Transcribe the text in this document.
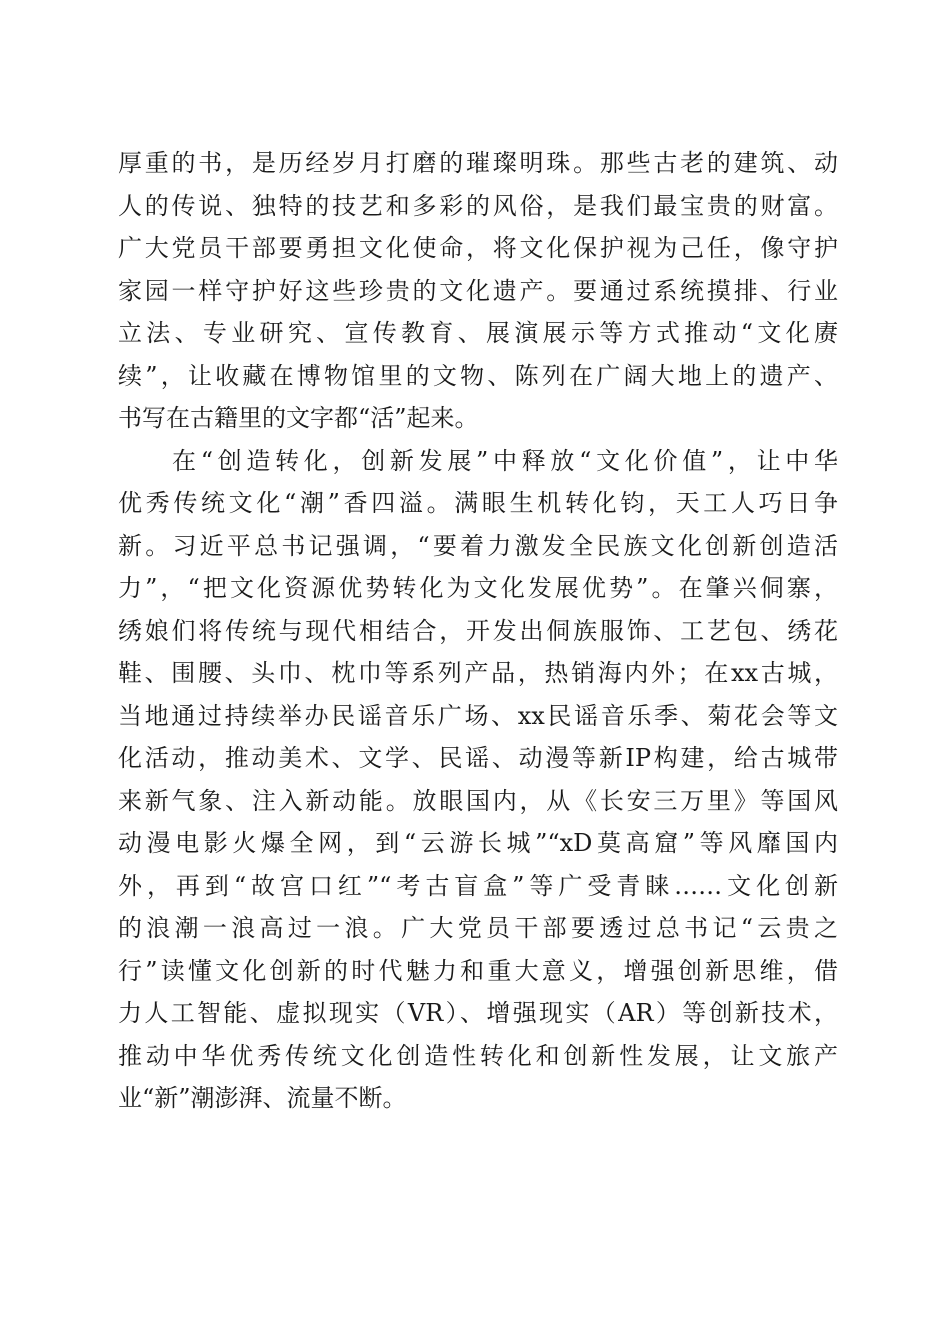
厚重的书，是历经岁月打磨的璀璨明珠。那些古老的建筑、动
人的传说、独特的技艺和多彩的风俗，是我们最宝贵的财富。
广大党员干部要勇担文化使命，将文化保护视为己任，像守护
家园一样守护好这些珍贵的文化遗产。要通过系统摸排、行业
立法、专业研究、宣传教育、展演展示等方式推动“文化赓
续”，让收藏在博物馆里的文物、陈列在广阔大地上的遗产、
书写在古籍里的文字都“活”起来。
在“创造转化，创新发展”中释放“文化价值”，让中华
优秀传统文化“潮”香四溢。满眼生机转化钧，天工人巧日争
新。习近平总书记强调，“要着力激发全民族文化创新创造活
力”，“把文化资源优势转化为文化发展优势”。在肇兴侗寨，
绣娘们将传统与现代相结合，开发出侗族服饰、工艺包、绣花
鞋、围腰、头巾、枕巾等系列产品，热销海内外；在xx古城，
当地通过持续举办民谣音乐广场、xx民谣音乐季、菊花会等文
化活动，推动美术、文学、民谣、动漫等新IP构建，给古城带
来新气象、注入新动能。放眼国内，从《长安三万里》等国风
动漫电影火爆全网，到“云游长城”“xD莫高窟”等风靡国内
外，再到“故宫口红”“考古盲盒”等广受青睐……文化创新
的浪潮一浪高过一浪。广大党员干部要透过总书记“云贵之
行”读懂文化创新的时代魅力和重大意义，增强创新思维，借
力人工智能、虚拟现实（VR）、增强现实（AR）等创新技术，
推动中华优秀传统文化创造性转化和创新性发展，让文旅产
业“新”潮澎湃、流量不断。
